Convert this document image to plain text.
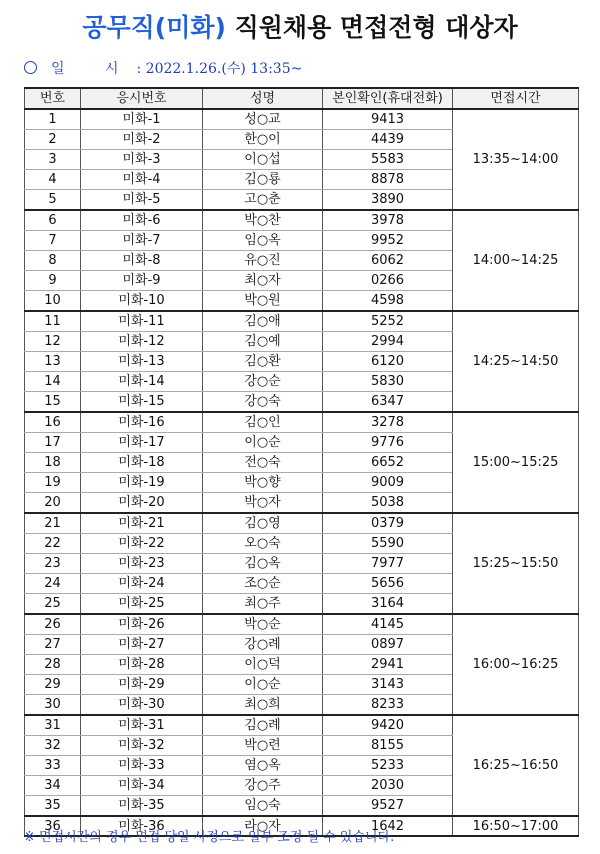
공무직(미화) 직원채용 면접전형 대상자
일 시: 2022.1.26.(수) 13:35~
번호	응시번호	성명	본인확인(휴대전화)	면접시간
1	미화-1	성○교	9413	13:35~14:00
2	미화-2	한○이	4439	
3	미화-3	이○섭	5583	
4	미화-4	김○룡	8878	
5	미화-5	고○춘	3890	
6	미화-6	박○찬	3978	14:00~14:25
7	미화-7	임○옥	9952	
8	미화-8	유○진	6062	
9	미화-9	최○자	0266	
10	미화-10	박○원	4598	
11	미화-11	김○애	5252	14:25~14:50
12	미화-12	김○예	2994	
13	미화-13	김○환	6120	
14	미화-14	강○순	5830	
15	미화-15	강○숙	6347	
16	미화-16	김○인	3278	15:00~15:25
17	미화-17	이○순	9776	
18	미화-18	전○숙	6652	
19	미화-19	박○향	9009	
20	미화-20	박○자	5038	
21	미화-21	김○영	0379	15:25~15:50
22	미화-22	오○숙	5590	
23	미화-23	김○옥	7977	
24	미화-24	조○순	5656	
25	미화-25	최○주	3164	
26	미화-26	박○순	4145	16:00~16:25
27	미화-27	강○례	0897	
28	미화-28	이○덕	2941	
29	미화-29	이○순	3143	
30	미화-30	최○희	8233	
31	미화-31	김○례	9420	16:25~16:50
32	미화-32	박○련	8155	
33	미화-33	염○옥	5233	
34	미화-34	강○주	2030	
35	미화-35	임○숙	9527	
36	미화-36	라○자	1642	16:50~17:00
※ 면접시간의 경우 면접 당일 사정으로 일부 조정 될 수 있습니다.
